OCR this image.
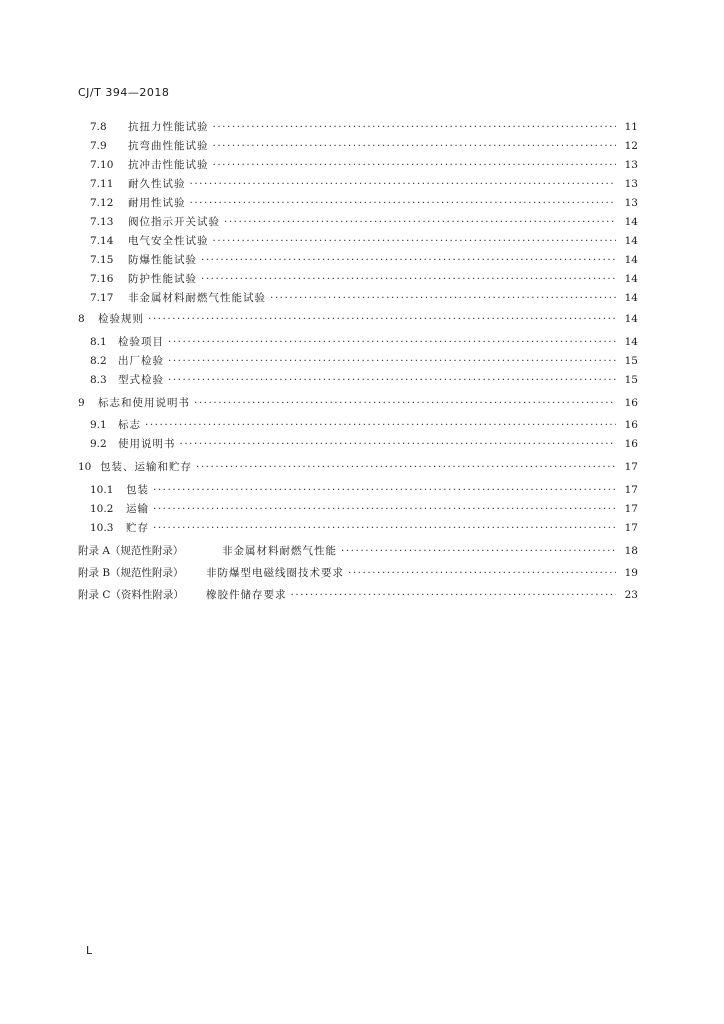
CJ/T 394—2018
7.8	抗扭力性能试验 ·····	11
7.9	抗弯曲性能试验 ·····	12
7.10	抗冲击性能试验 ·····	13
7.11	耐久性试验 ·····	13
7.12	耐用性试验 ·····	13
7.13	阀位指示开关试验 ·····	14
7.14	电气安全性试验 ·····	14
7.15	防爆性能试验 ·····	14
7.16	防护性能试验 ·····	14
7.17	非金属材料耐燃气性能试验 ·····	14
8	检验规则 ·····	14
8.1	检验项目 ·····	14
8.2	出厂检验 ·····	15
8.3	型式检验 ·····	15
9	标志和使用说明书 ·····	16
9.1	标志 ·····	16
9.2	使用说明书 ·····	16
10 包装、运输和贮存 ·····	17
10.1	包装 ·····	17
10.2	运输 ·····	17
10.3	贮存 ·····	17
附录 A（规范性附录）	非金属材料耐燃气性能 ·····	18
附录 B（规范性附录）	非防爆型电磁线圈技术要求 ·····	19
附录 C（资料性附录）	橡胶件储存要求 ·····	23
L
